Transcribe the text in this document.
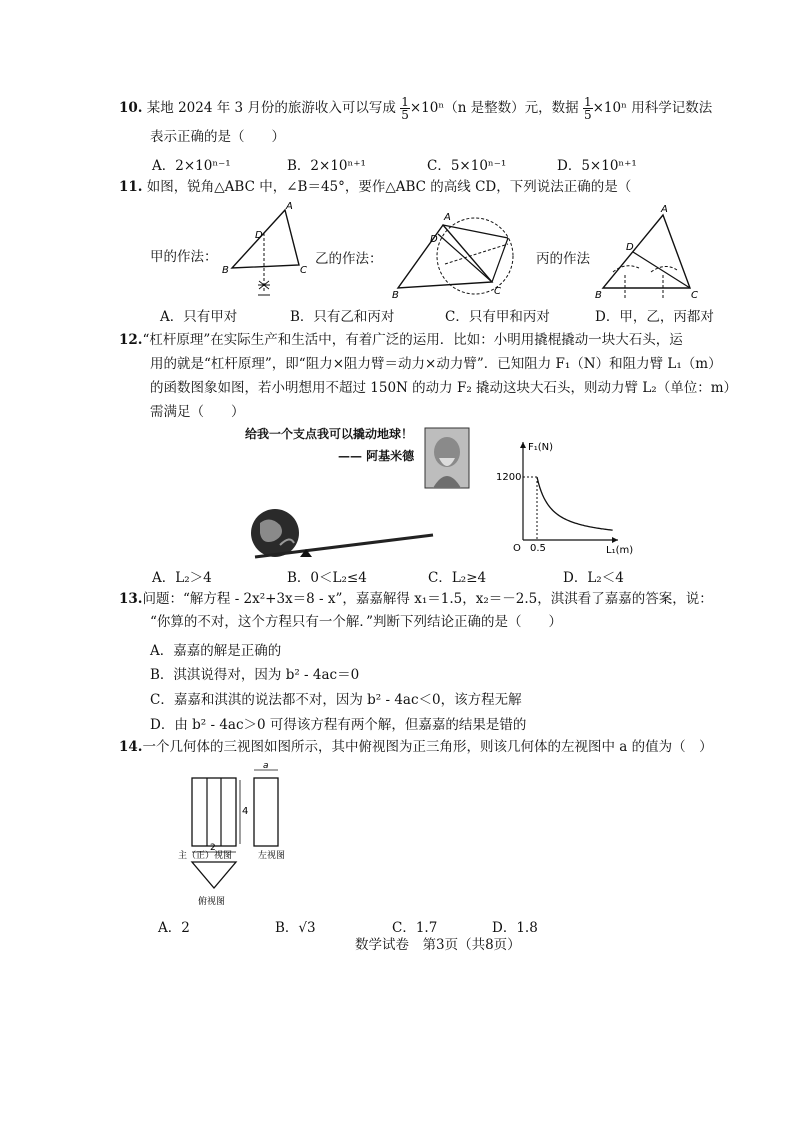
10. 某地 2024 年 3 月份的旅游收入可以写成 $\frac{1}{5} \times 10^n(n$ 是整数）元，数据 $\frac{1}{5} \times 10^n$ 用科学记数法
表示正确的是（　　）
A．2×10ⁿ⁻¹	B．2×10ⁿ⁺¹	C．5×10ⁿ⁻¹	D．5×10ⁿ⁺¹
11. 如图，锐角△ABC 中，∠B＝45°，要作△ABC 的高线 CD，下列说法正确的是（　
甲的作法：	乙的作法：	丙的作法
A
B	C
D
A
B	C
D
A
B	C
D
A．只有甲对	B．只有乙和丙对	C．只有甲和丙对	D．甲，乙，丙都对
12.“杠杆原理”在实际生产和生活中，有着广泛的运用．比如：小明用撬棍撬动一块大石头，运
用的就是“杠杆原理”，即“阻力×阻力臂＝动力×动力臂”．已知阻力 F₁（N）和阻力臂 L₁（m）
的函数图象如图，若小明想用不超过 150N 的动力 F₂ 撬动这块大石头，则动力臂 L₂（单位：m）
需满足（　　）
给我一个支点我可以撬动地球！
—— 阿基米德
F₁(N)
1200
O 0.5	L₁(m)
A．L₂＞4	B．0＜L₂≤4	C．L₂≥4	D．L₂＜4
13.问题：“解方程 - 2x²+3x＝8 - x”，嘉嘉解得 x₁＝1.5，x₂＝－2.5，淇淇看了嘉嘉的答案，说：
“你算的不对，这个方程只有一个解．”判断下列结论正确的是（　　）
A．嘉嘉的解是正确的
B．淇淇说得对，因为 b² - 4ac＝0
C．嘉嘉和淇淇的说法都不对，因为 b² - 4ac＜0，该方程无解
D．由 b² - 4ac＞0 可得该方程有两个解，但嘉嘉的结果是错的
14.一个几何体的三视图如图所示，其中俯视图为正三角形，则该几何体的左视图中 a 的值为（　）
4
2
a
主（正）视图	左视图
俯视图
A．2	B．√3	C．1.7	D．1.8
数学试卷　第3页（共8页）
